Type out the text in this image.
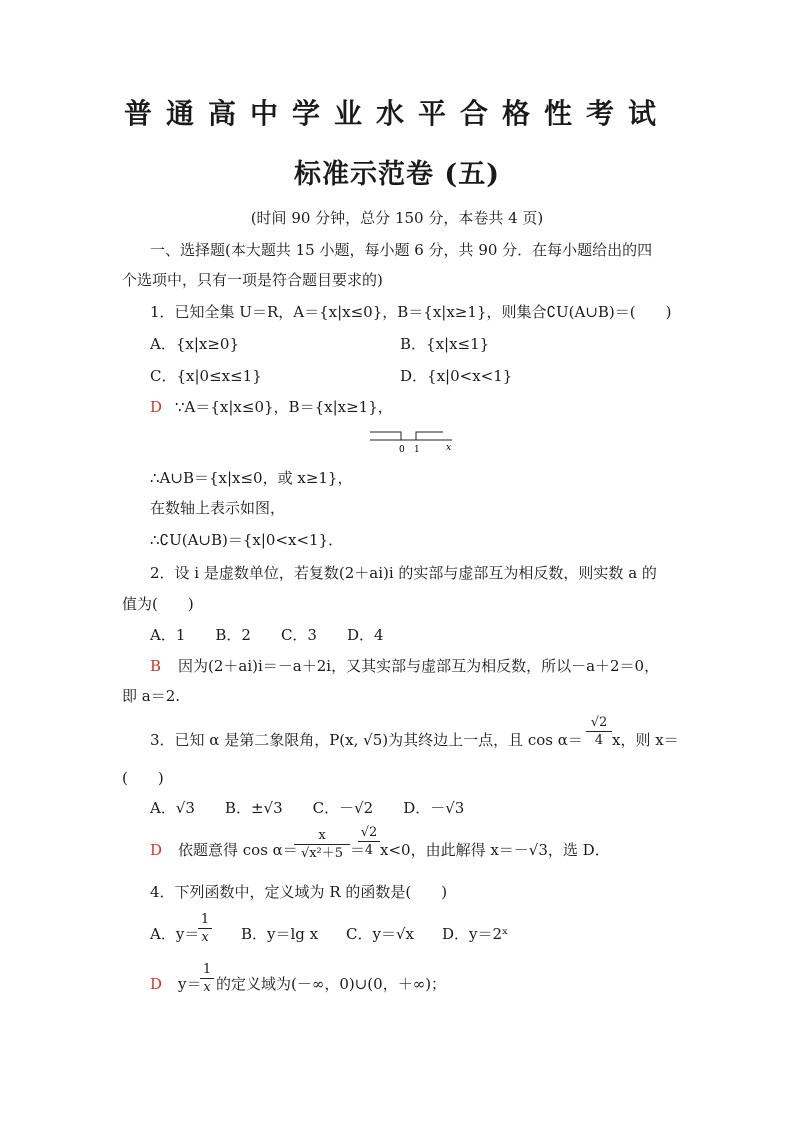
普通高中学业水平合格性考试
标准示范卷 (五)
(时间 90 分钟，总分 150 分，本卷共 4 页)
一、选择题(本大题共 15 小题，每小题 6 分，共 90 分．在每小题给出的四
个选项中，只有一项是符合题目要求的)
1．已知全集 U＝R，A＝{x|x≤0}，B＝{x|x≥1}，则集合∁U(A∪B)＝(　　)
A．{x|x≥0}	B．{x|x≤1}
C．{x|0≤x≤1}	D．{x|0<x<1}
D ∵A＝{x|x≤0}，B＝{x|x≥1}，
0 1	x
∴A∪B＝{x|x≤0，或 x≥1}，
在数轴上表示如图，
∴∁U(A∪B)＝{x|0<x<1}．
2．设 i 是虚数单位，若复数(2＋ai)i 的实部与虚部互为相反数，则实数 a 的
值为(　　)
A．1　　B．2　　C．3　　D．4
B 因为(2＋ai)i＝－a＋2i，又其实部与虚部互为相反数，所以－a＋2＝0，
即 a＝2.
3．已知 α 是第二象限角，P(x, √5)为其终边上一点，且 $\cos \alpha= \frac{√2}{4}$ x，则 x＝
(　　)
A．√3　　B．±√3　　C．－√2　　D．－√3
D 依题意得 cos α＝
$\frac{x}{\text{√x²＋5}}$ ＝
$\frac{√2}{4} x<0$，由此解得 x＝－√3，选 D．
4．下列函数中，定义域为 R 的函数是(　　)
A．y＝
$\frac{1}{x}$ B．y＝lg x C．y＝√x D．y＝2ˣ
D y＝
$\frac{1}{x}$ 的定义域为(－∞，0)∪(0，＋∞)；
